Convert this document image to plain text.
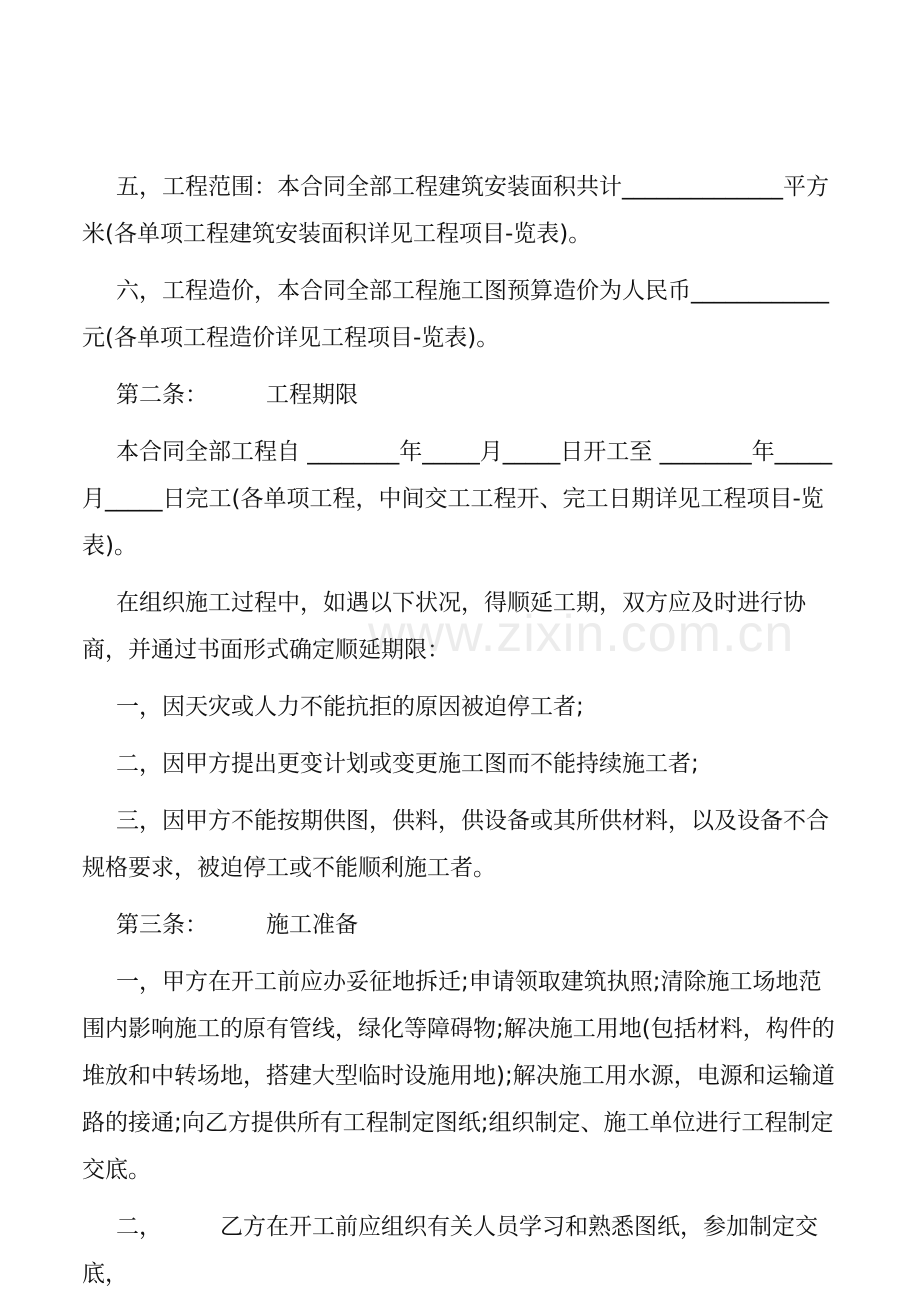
五，工程范围：本合同全部工程建筑安装面积共计______________平方米(各单项工程建筑安装面积详见工程项目-览表)。

六，工程造价，本合同全部工程施工图预算造价为人民币____________元(各单项工程造价详见工程项目-览表)。

第二条：	工程期限

本合同全部工程自 ________年_____月_____日开工至 ________年_____月_____日完工(各单项工程，中间交工工程开、完工日期详见工程项目-览表)。

在组织施工过程中，如遇以下状况，得顺延工期，双方应及时进行协商，并通过书面形式确定顺延期限：

一，因天灾或人力不能抗拒的原因被迫停工者;

二，因甲方提出更变计划或变更施工图而不能持续施工者;

三，因甲方不能按期供图，供料，供设备或其所供材料，以及设备不合规格要求，被迫停工或不能顺利施工者。

第三条：	施工准备

一，甲方在开工前应办妥征地拆迁;申请领取建筑执照;清除施工场地范围内影响施工的原有管线，绿化等障碍物;解决施工用地(包括材料，构件的堆放和中转场地，搭建大型临时设施用地);解决施工用水源，电源和运输道路的接通;向乙方提供所有工程制定图纸;组织制定、施工单位进行工程制定交底。

二，	乙方在开工前应组织有关人员学习和熟悉图纸，参加制定交底，

www.zixin.com.cn
